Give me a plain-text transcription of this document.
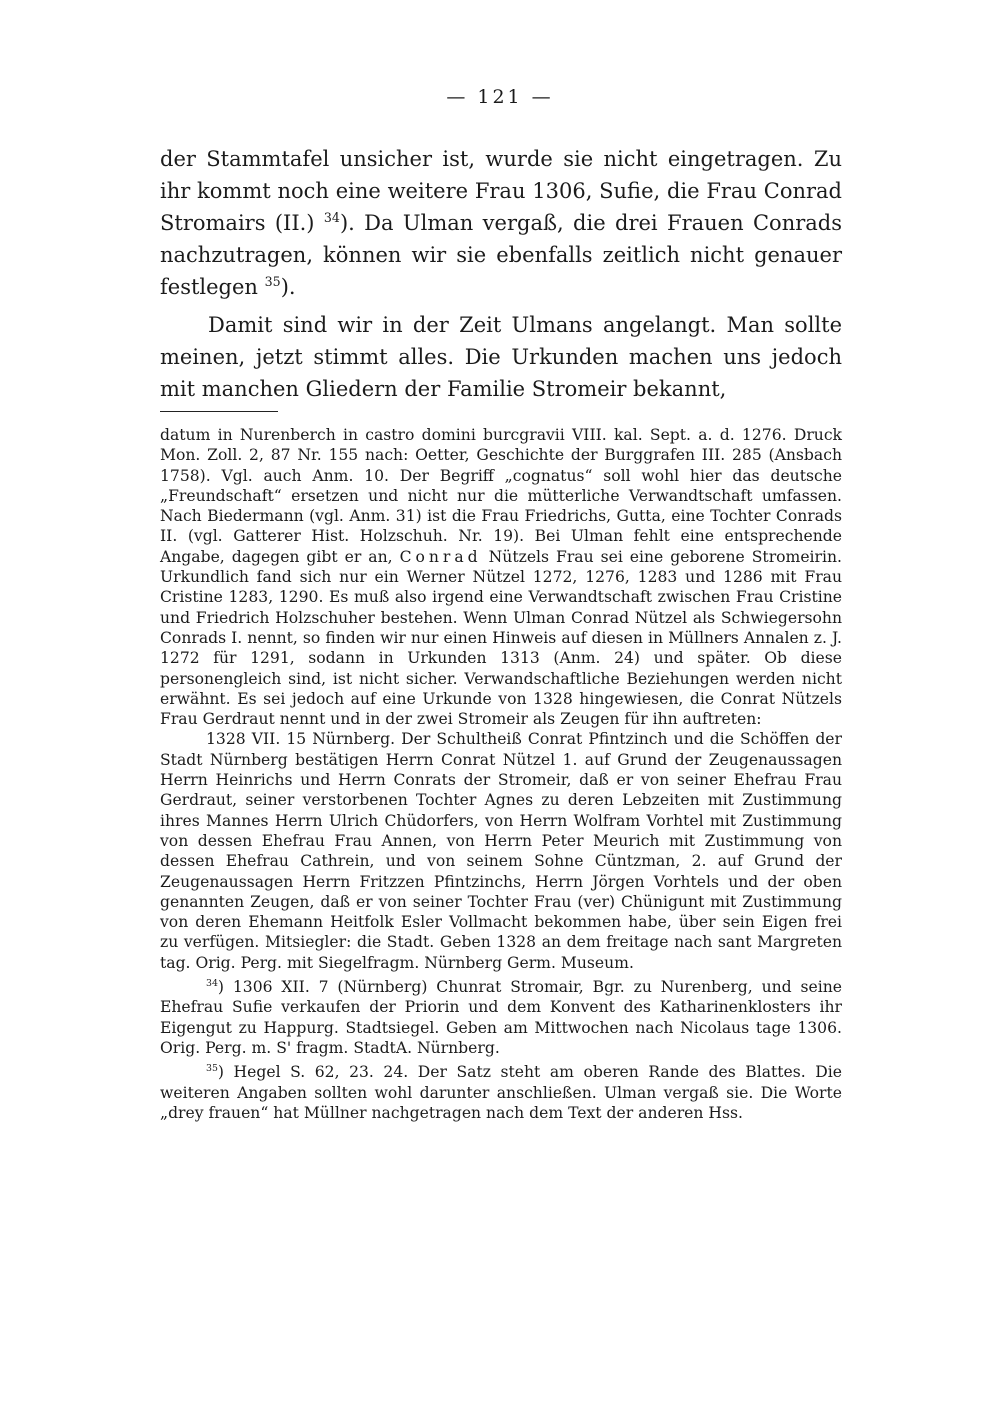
— 121 —

der Stammtafel unsicher ist, wurde sie nicht eingetragen. Zu ihr kommt noch eine weitere Frau 1306, Sufie, die Frau Conrad Stromairs (II.) $^{34}$). Da Ulman vergaß, die drei Frauen Conrads nachzutragen, können wir sie ebenfalls zeitlich nicht genauer festlegen $^{35}$).

Damit sind wir in der Zeit Ulmans angelangt. Man sollte meinen, jetzt stimmt alles. Die Urkunden machen uns jedoch mit manchen Gliedern der Familie Stromeir bekannt,

datum in Nurenberch in castro domini burcgravii VIII. kal. Sept. a. d. 1276. Druck Mon. Zoll. 2, 87 Nr. 155 nach: Oetter, Geschichte der Burggrafen III. 285 (Ansbach 1758). Vgl. auch Anm. 10. Der Begriff „cognatus“ soll wohl hier das deutsche „Freundschaft“ ersetzen und nicht nur die mütterliche Verwandtschaft umfassen. Nach Biedermann (vgl. Anm. 31) ist die Frau Friedrichs, Gutta, eine Tochter Conrads II. (vgl. Gatterer Hist. Holzschuh. Nr. 19). Bei Ulman fehlt eine entsprechende Angabe, dagegen gibt er an, Conrad Nützels Frau sei eine geborene Stromeirin. Urkundlich fand sich nur ein Werner Nützel 1272, 1276, 1283 und 1286 mit Frau Cristine 1283, 1290. Es muß also irgend eine Verwandtschaft zwischen Frau Cristine und Friedrich Holzschuher bestehen. Wenn Ulman Conrad Nützel als Schwiegersohn Conrads I. nennt, so finden wir nur einen Hinweis auf diesen in Müllners Annalen z. J. 1272 für 1291, sodann in Urkunden 1313 (Anm. 24) und später. Ob diese personengleich sind, ist nicht sicher. Verwandschaftliche Beziehungen werden nicht erwähnt. Es sei jedoch auf eine Urkunde von 1328 hingewiesen, die Conrat Nützels Frau Gerdraut nennt und in der zwei Stromeir als Zeugen für ihn auftreten:

1328 VII. 15 Nürnberg. Der Schultheiß Conrat Pfintzinch und die Schöffen der Stadt Nürnberg bestätigen Herrn Conrat Nützel 1. auf Grund der Zeugenaussagen Herrn Heinrichs und Herrn Conrats der Stromeir, daß er von seiner Ehefrau Frau Gerdraut, seiner verstorbenen Tochter Agnes zu deren Lebzeiten mit Zustimmung ihres Mannes Herrn Ulrich Chüdorfers, von Herrn Wolfram Vorhtel mit Zustimmung von dessen Ehefrau Frau Annen, von Herrn Peter Meurich mit Zustimmung von dessen Ehefrau Cathrein, und von seinem Sohne Cüntzman, 2. auf Grund der Zeugenaussagen Herrn Fritzzen Pfintzinchs, Herrn Jörgen Vorhtels und der oben genannten Zeugen, daß er von seiner Tochter Frau (ver) Chünigunt mit Zustimmung von deren Ehemann Heitfolk Esler Vollmacht bekommen habe, über sein Eigen frei zu verfügen. Mitsiegler: die Stadt. Geben 1328 an dem freitage nach sant Margreten tag. Orig. Perg. mit Siegelfragm. Nürnberg Germ. Museum.

$^{34}$) 1306 XII. 7 (Nürnberg) Chunrat Stromair, Bgr. zu Nurenberg, und seine Ehefrau Sufie verkaufen der Priorin und dem Konvent des Katharinenklosters ihr Eigengut zu Happurg. Stadtsiegel. Geben am Mittwochen nach Nicolaus tage 1306. Orig. Perg. m. S' fragm. StadtA. Nürnberg.

$^{35}$) Hegel S. 62, 23. 24. Der Satz steht am oberen Rande des Blattes. Die weiteren Angaben sollten wohl darunter anschließen. Ulman vergaß sie. Die Worte „drey frauen“ hat Müllner nachgetragen nach dem Text der anderen Hss.
